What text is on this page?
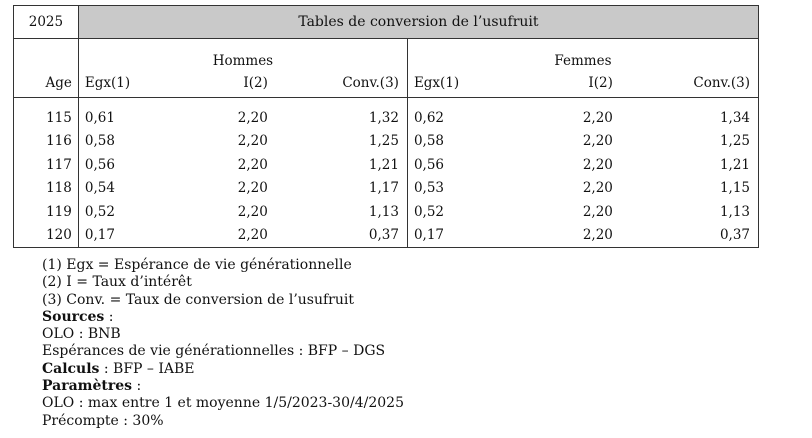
2025	Tables de conversion de l’usufruit					
	Hommes			Femmes		
Age	Egx(1)	I(2)	Conv.(3)	Egx(1)	I(2)	Conv.(3)

115	0,61	2,20	1,32	0,62	2,20	1,34
116	0,58	2,20	1,25	0,58	2,20	1,25
117	0,56	2,20	1,21	0,56	2,20	1,21
118	0,54	2,20	1,17	0,53	2,20	1,15
119	0,52	2,20	1,13	0,52	2,20	1,13
120	0,17	2,20	0,37	0,17	2,20	0,37
(1) Egx = Espérance de vie générationnelle
(2) I = Taux d’intérêt
(3) Conv. = Taux de conversion de l’usufruit
Sources :
OLO : BNB
Espérances de vie générationnelles : BFP – DGS
Calculs : BFP – IABE
Paramètres :
OLO : max entre 1 et moyenne 1/5/2023-30/4/2025
Précompte : 30%
